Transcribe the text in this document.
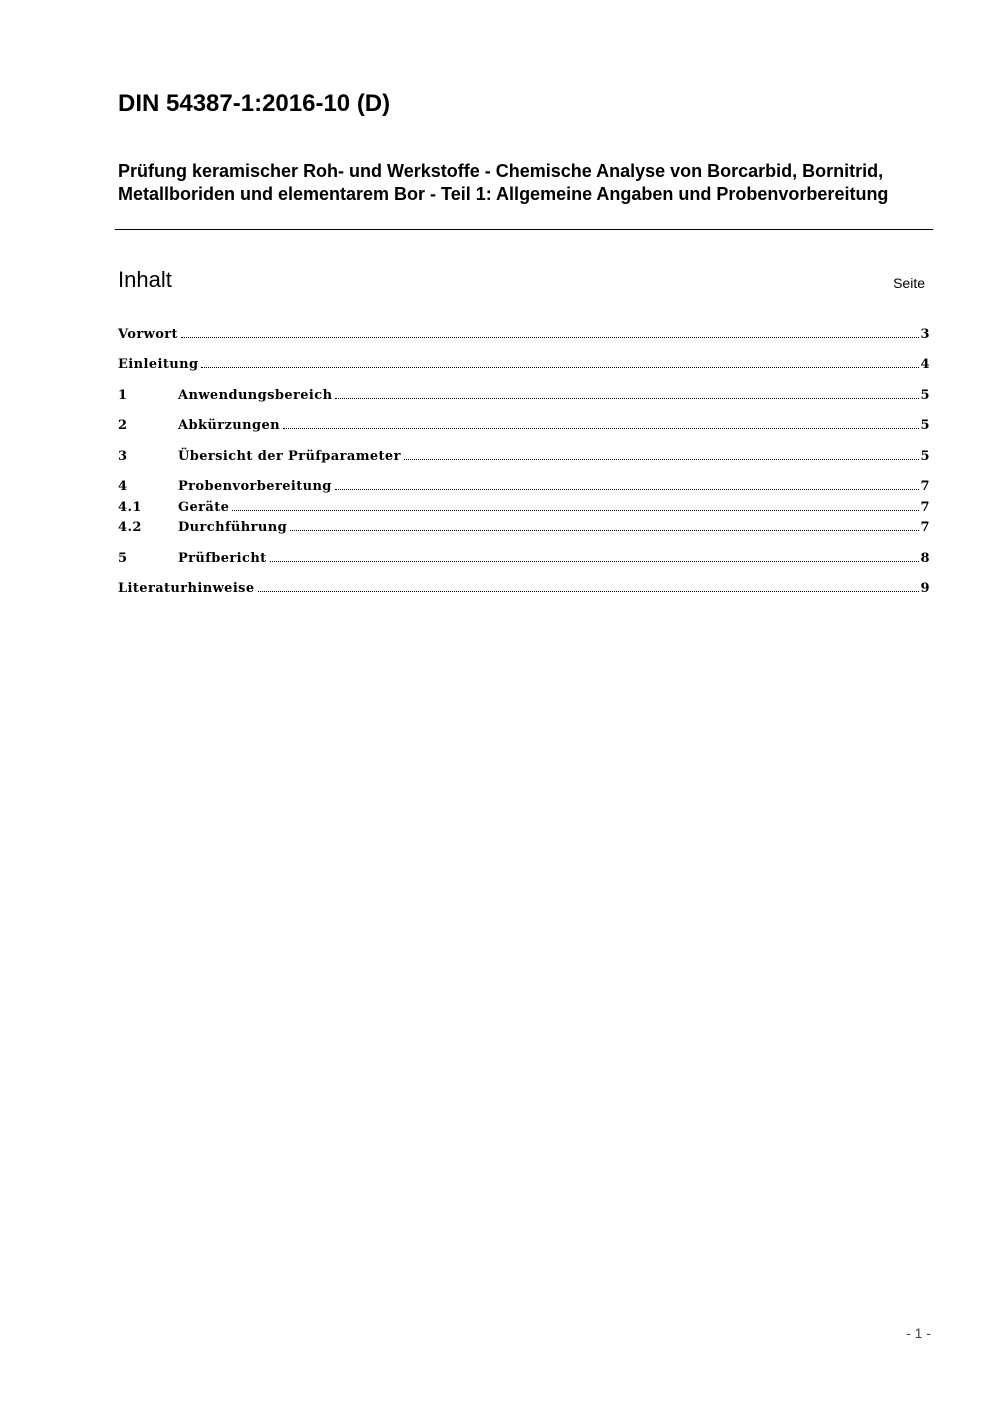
DIN 54387-1:2016-10 (D)
Prüfung keramischer Roh- und Werkstoffe - Chemische Analyse von Borcarbid, Bornitrid, Metallboriden und elementarem Bor - Teil 1: Allgemeine Angaben und Probenvorbereitung
Inhalt	Seite
Vorwort	3
Einleitung	4
1	Anwendungsbereich	5
2	Abkürzungen	5
3	Übersicht der Prüfparameter	5
4	Probenvorbereitung	7
4.1	Geräte	7
4.2	Durchführung	7
5	Prüfbericht	8
Literaturhinweise	9
- 1 -
